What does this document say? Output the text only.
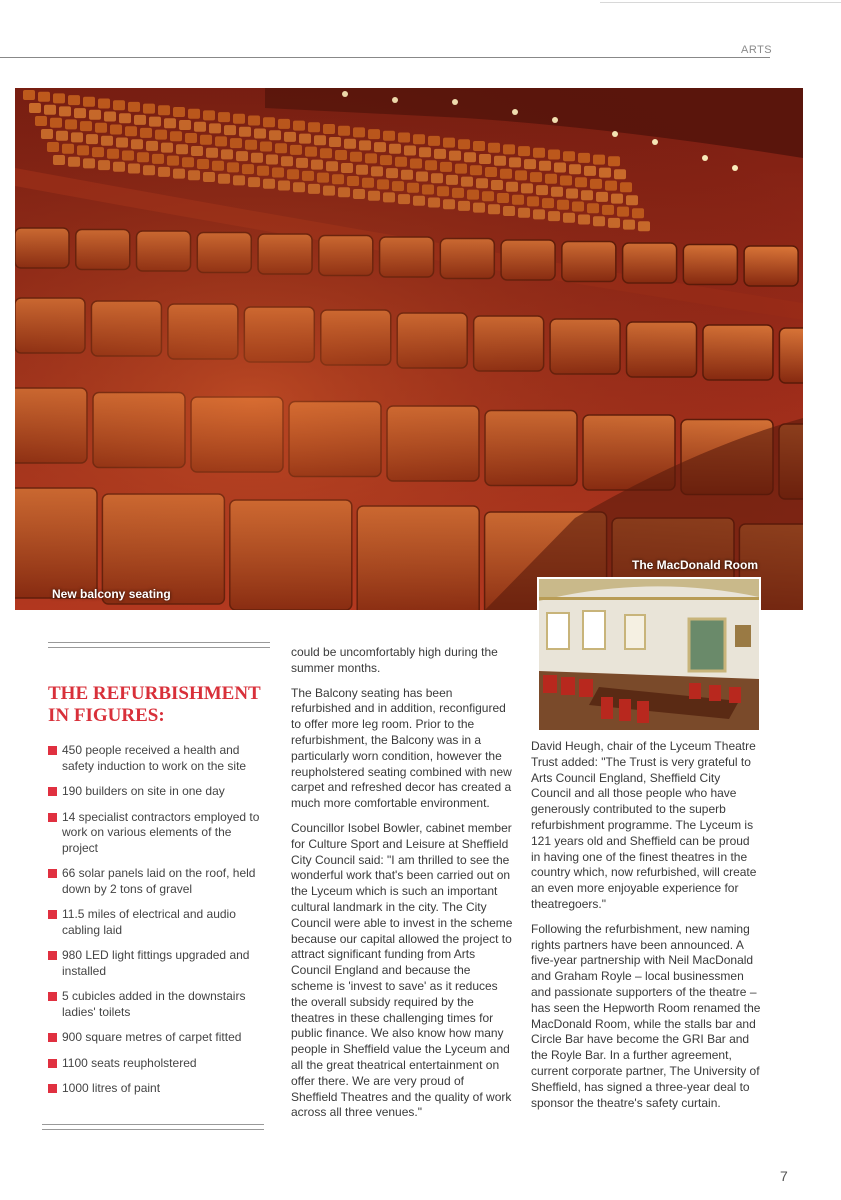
ARTS
New balcony seating
The MacDonald Room
THE REFURBISHMENT
IN FIGURES:
450 people received a health and safety induction to work on the site
190 builders on site in one day
14 specialist contractors employed to work on various elements of the project
66 solar panels laid on the roof, held down by 2 tons of gravel
11.5 miles of electrical and audio cabling laid
980 LED light fittings upgraded and installed
5 cubicles added in the downstairs ladies' toilets
900 square metres of carpet fitted
1100 seats reupholstered
1000 litres of paint

could be uncomfortably high during the summer months.

The Balcony seating has been refurbished and in addition, reconfigured to offer more leg room. Prior to the refurbishment, the Balcony was in a particularly worn condition, however the reupholstered seating combined with new carpet and refreshed decor has created a much more comfortable environment.

Councillor Isobel Bowler, cabinet member for Culture Sport and Leisure at Sheffield City Council said: "I am thrilled to see the wonderful work that's been carried out on the Lyceum which is such an important cultural landmark in the city. The City Council were able to invest in the scheme because our capital allowed the project to attract significant funding from Arts Council England and because the scheme is 'invest to save' as it reduces the overall subsidy required by the theatres in these challenging times for public finance. We also know how many people in Sheffield value the Lyceum and all the great theatrical entertainment on offer there. We are very proud of Sheffield Theatres and the quality of work across all three venues."

David Heugh, chair of the Lyceum Theatre Trust added: "The Trust is very grateful to Arts Council England, Sheffield City Council and all those people who have generously contributed to the superb refurbishment programme. The Lyceum is 121 years old and Sheffield can be proud in having one of the finest theatres in the country which, now refurbished, will create an even more enjoyable experience for theatregoers."

Following the refurbishment, new naming rights partners have been announced. A five-year partnership with Neil MacDonald and Graham Royle – local businessmen and passionate supporters of the theatre – has seen the Hepworth Room renamed the MacDonald Room, while the stalls bar and Circle Bar have become the GRI Bar and the Royle Bar. In a further agreement, current corporate partner, The University of Sheffield, has signed a three-year deal to sponsor the theatre's safety curtain.

7
